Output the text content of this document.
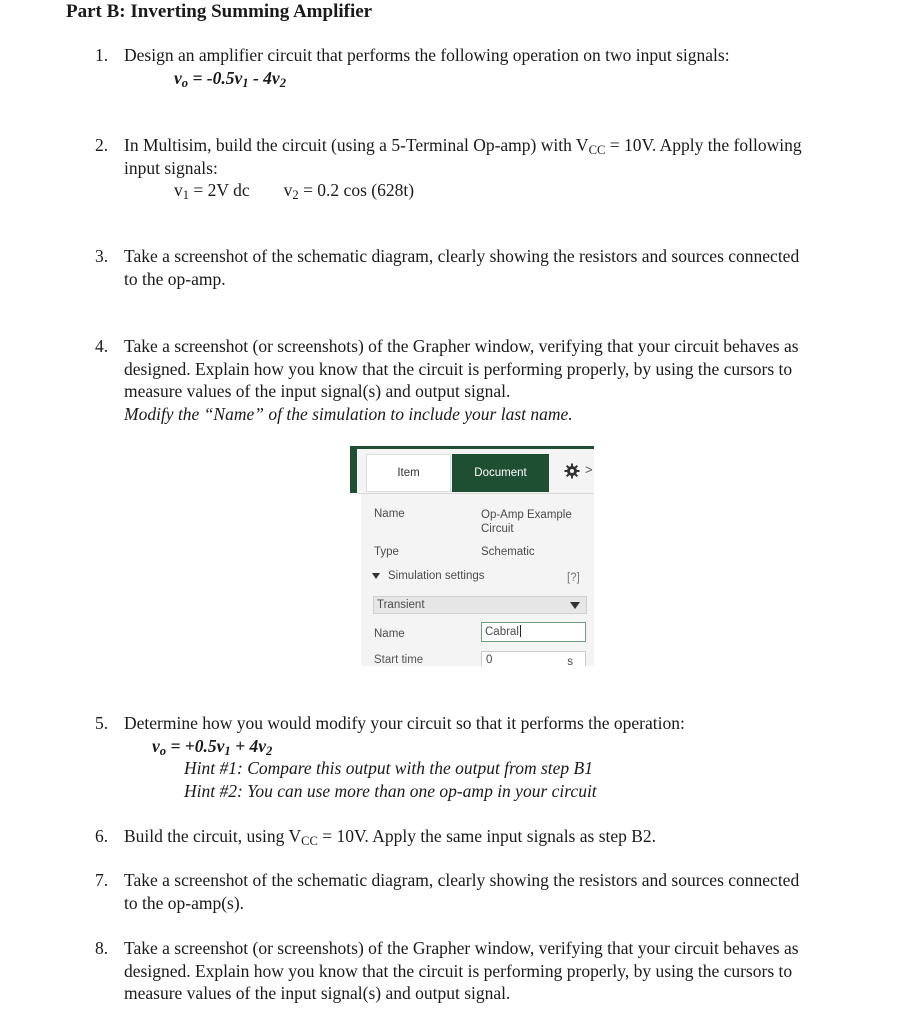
Part B: Inverting Summing Amplifier
1. Design an amplifier circuit that performs the following operation on two input signals:
$v_o = -0.5v_1 - 4v_2$
2. In Multisim, build the circuit (using a 5-Terminal Op-amp) with $V_{CC} = 10V$. Apply the following input signals:
$v_1 = 2V$ dc $v_2 = 0.2$ cos (628t)
3. Take a screenshot of the schematic diagram, clearly showing the resistors and sources connected to the op-amp.
4. Take a screenshot (or screenshots) of the Grapher window, verifying that your circuit behaves as designed. Explain how you know that the circuit is performing properly, by using the cursors to measure values of the input signal(s) and output signal.
Modify the “Name” of the simulation to include your last name.
Item	Document	>
Name	Op-Amp Example Circuit
Type	Schematic
Simulation settings	[?]
Transient
Name	Cabral
Start time	0	s
5. Determine how you would modify your circuit so that it performs the operation:
$v_o = +0.5v_1 + 4v_2$
Hint #1: Compare this output with the output from step B1
Hint #2: You can use more than one op-amp in your circuit
6. Build the circuit, using $V_{CC} = 10V$. Apply the same input signals as step B2.
7. Take a screenshot of the schematic diagram, clearly showing the resistors and sources connected to the op-amp(s).
8. Take a screenshot (or screenshots) of the Grapher window, verifying that your circuit behaves as designed. Explain how you know that the circuit is performing properly, by using the cursors to measure values of the input signal(s) and output signal.
